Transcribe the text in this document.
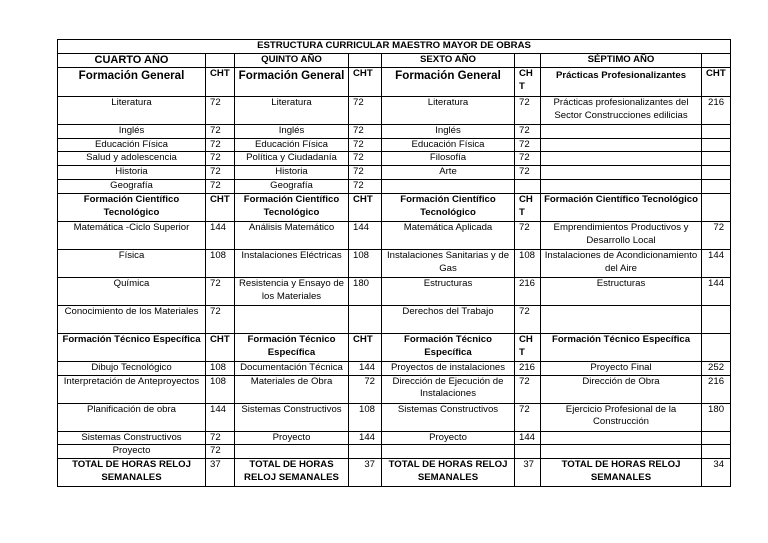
ESTRUCTURA CURRICULAR MAESTRO MAYOR DE OBRAS							
CUARTO AÑO		QUINTO AÑO		SEXTO AÑO		SÉPTIMO AÑO	
Formación General	CHT	Formación General	CHT	Formación General	CH T	Prácticas Profesionalizantes	CHT
Literatura	72	Literatura	72	Literatura	72	Prácticas profesionalizantes del Sector Construcciones edilicias	216
Inglés	72	Inglés	72	Inglés	72		
Educación Física	72	Educación Física	72	Educación Física	72		
Salud y adolescencia	72	Política y Ciudadanía	72	Filosofía	72		
Historia	72	Historia	72	Arte	72		
Geografía	72	Geografía	72				
Formación Científico Tecnológico	CHT	Formación Científico Tecnológico	CHT	Formación Científico Tecnológico	CH T	Formación Científico Tecnológico	
Matemática -Ciclo Superior	144	Análisis Matemático	144	Matemática Aplicada	72	Emprendimientos Productivos y Desarrollo Local	72
Física	108	Instalaciones Eléctricas	108	Instalaciones Sanitarias y de Gas	108	Instalaciones de Acondicionamiento del Aire	144
Química	72	Resistencia y Ensayo de los Materiales	180	Estructuras	216	Estructuras	144
Conocimiento de los Materiales	72			Derechos del Trabajo	72		
Formación Técnico Específica	CHT	Formación Técnico Específica	CHT	Formación Técnico Específica	CH T	Formación Técnico Específica	
Dibujo Tecnológico	108	Documentación Técnica	144	Proyectos de instalaciones	216	Proyecto Final	252
Interpretación de Anteproyectos	108	Materiales de Obra	72	Dirección de Ejecución de Instalaciones	72	Dirección de Obra	216
Planificación de obra	144	Sistemas Constructivos	108	Sistemas Constructivos	72	Ejercicio Profesional de la Construcción	180
Sistemas Constructivos	72	Proyecto	144	Proyecto	144		
Proyecto	72						
TOTAL DE HORAS RELOJ SEMANALES	37	TOTAL DE HORAS RELOJ SEMANALES	37	TOTAL DE HORAS RELOJ SEMANALES	37	TOTAL DE HORAS RELOJ SEMANALES	34
